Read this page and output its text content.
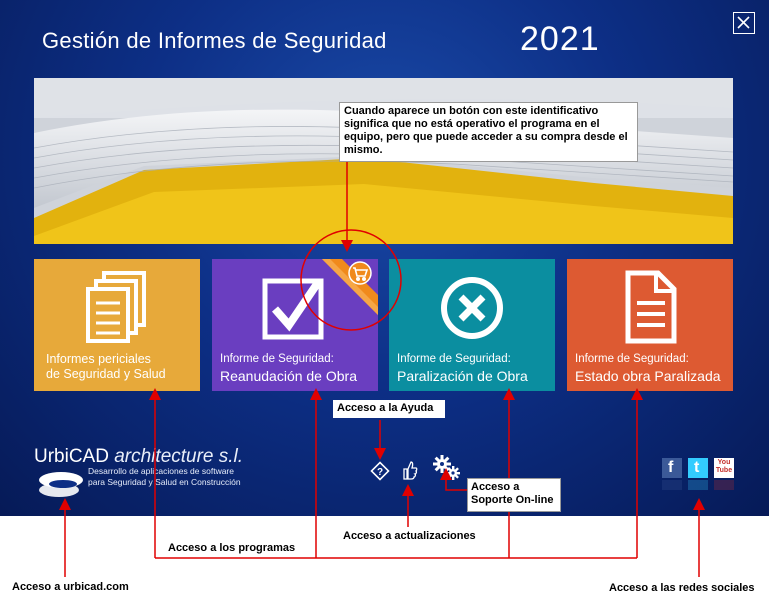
Gestión de Informes de Seguridad	2021
Informes periciales
de Seguridad y Salud
Informe de Seguridad:
Reanudación de Obra
Informe de Seguridad:
Paralización de Obra
Informe de Seguridad:
Estado obra Paralizada
UrbiCAD architecture s.l.
Desarrollo de aplicaciones de software
para Seguridad y Salud en Construcción
?	f t	You Tube
Cuando aparece un botón con este identificativo significa que no está operativo el programa en el equipo, pero que puede acceder a su compra desde el mismo.
Acceso a la Ayuda
Acceso a
Soporte On-line
Acceso a actualizaciones
Acceso a los programas
Acceso a urbicad.com	Acceso a las redes sociales
